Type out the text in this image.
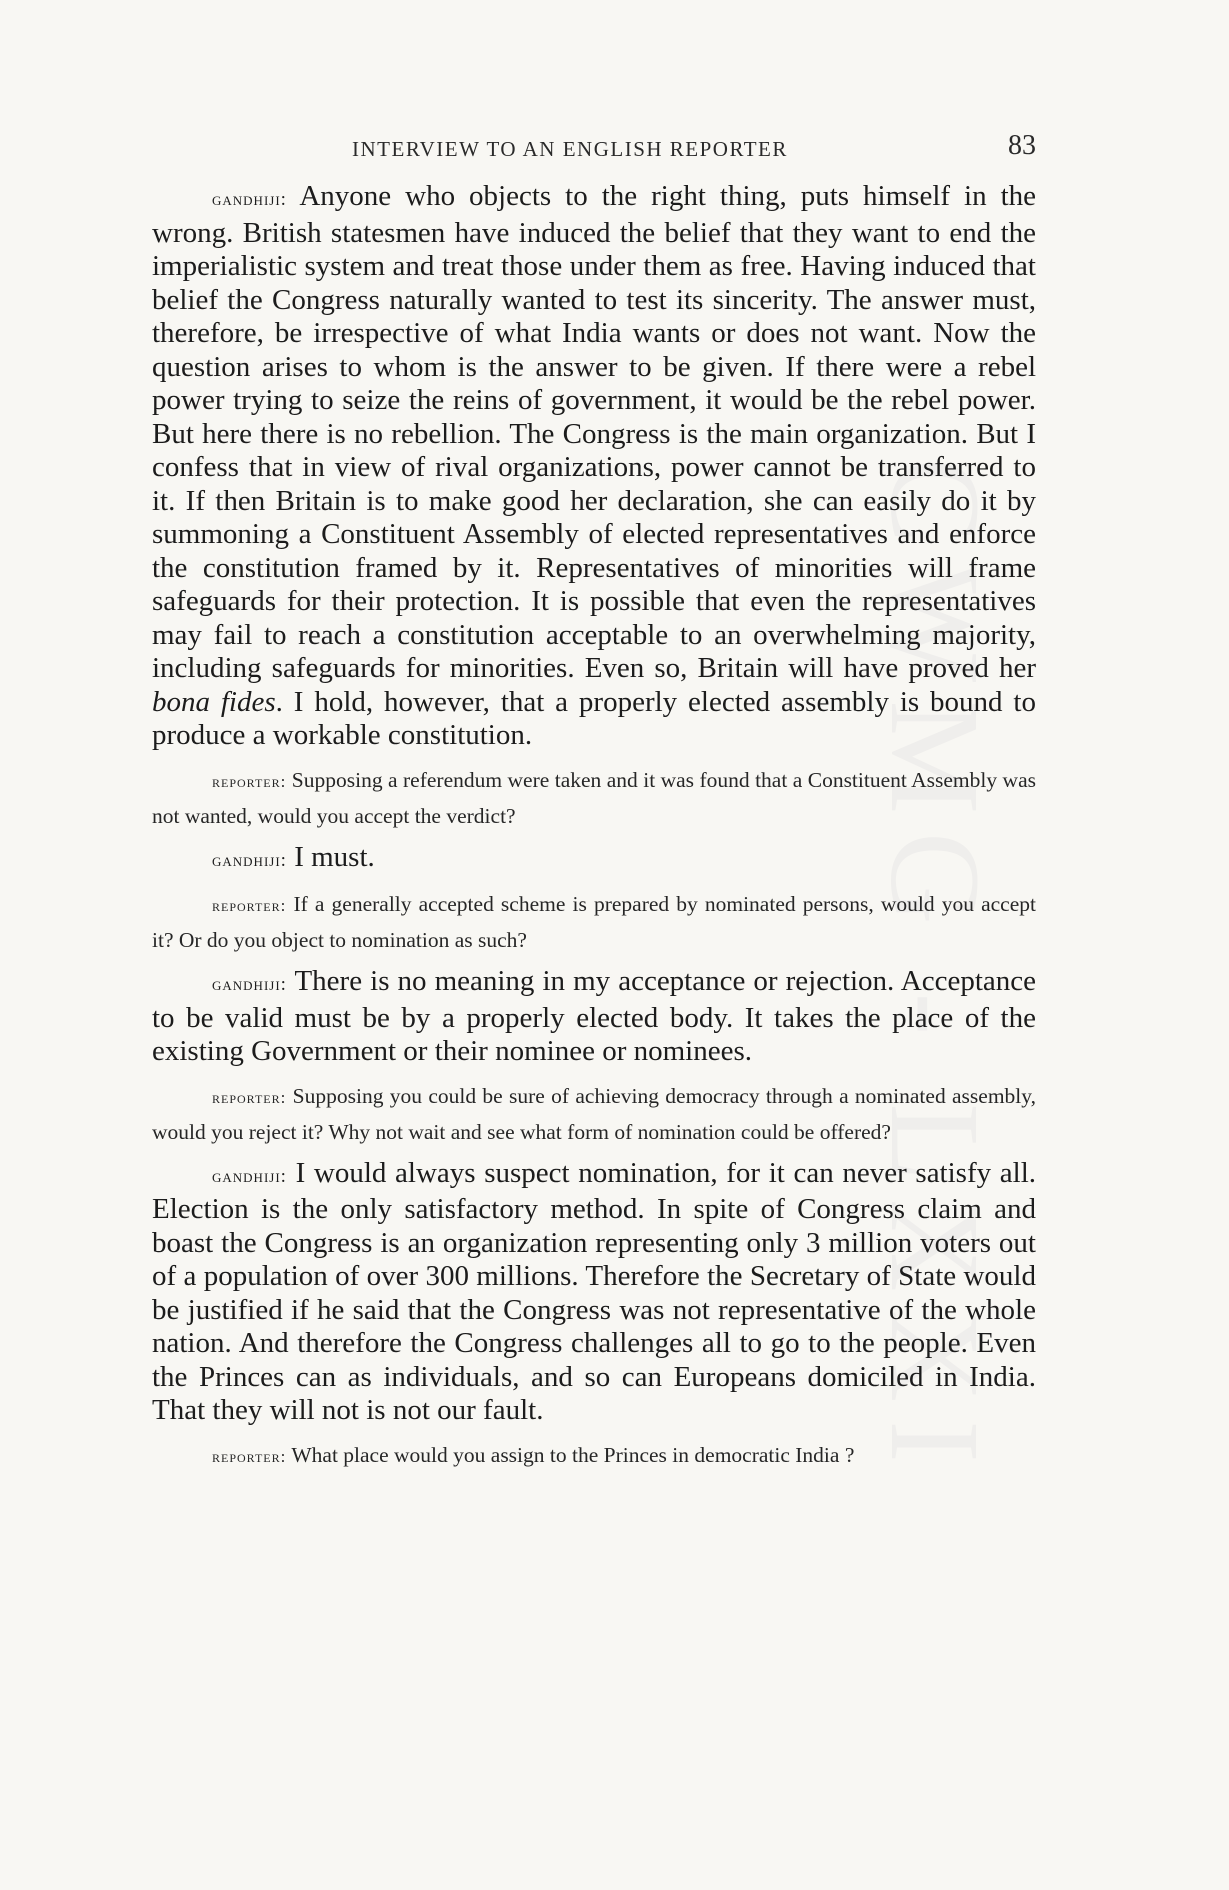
CWMG - LXXI
INTERVIEW TO AN ENGLISH REPORTER	83

gandhiji: Anyone who objects to the right thing, puts himself in the wrong. British statesmen have induced the belief that they want to end the imperialistic system and treat those under them as free. Having induced that belief the Congress naturally wanted to test its sincerity. The answer must, therefore, be irrespective of what India wants or does not want. Now the question arises to whom is the answer to be given. If there were a rebel power trying to seize the reins of government, it would be the rebel power. But here there is no rebellion. The Congress is the main organization. But I confess that in view of rival organizations, power cannot be transferred to it. If then Britain is to make good her declaration, she can easily do it by summoning a Constituent Assembly of elected representatives and enforce the constitution framed by it. Representatives of minorities will frame safeguards for their protection. It is possible that even the representatives may fail to reach a constitution acceptable to an overwhelming majority, including safeguards for minorities. Even so, Britain will have proved her bona fides. I hold, however, that a properly elected assembly is bound to produce a workable constitution.

reporter: Supposing a referendum were taken and it was found that a Constituent Assembly was not wanted, would you accept the verdict?

gandhiji: I must.

reporter: If a generally accepted scheme is prepared by nominated persons, would you accept it? Or do you object to nomination as such?

gandhiji: There is no meaning in my acceptance or rejection. Acceptance to be valid must be by a properly elected body. It takes the place of the existing Government or their nominee or nominees.

reporter: Supposing you could be sure of achieving democracy through a nominated assembly, would you reject it? Why not wait and see what form of nomination could be offered?

gandhiji: I would always suspect nomination, for it can never satisfy all. Election is the only satisfactory method. In spite of Congress claim and boast the Congress is an organization representing only 3 million voters out of a population of over 300 millions. Therefore the Secretary of State would be justified if he said that the Congress was not representative of the whole nation. And therefore the Congress challenges all to go to the people. Even the Princes can as individuals, and so can Europeans domiciled in India. That they will not is not our fault.

reporter: What place would you assign to the Princes in democratic India ?
